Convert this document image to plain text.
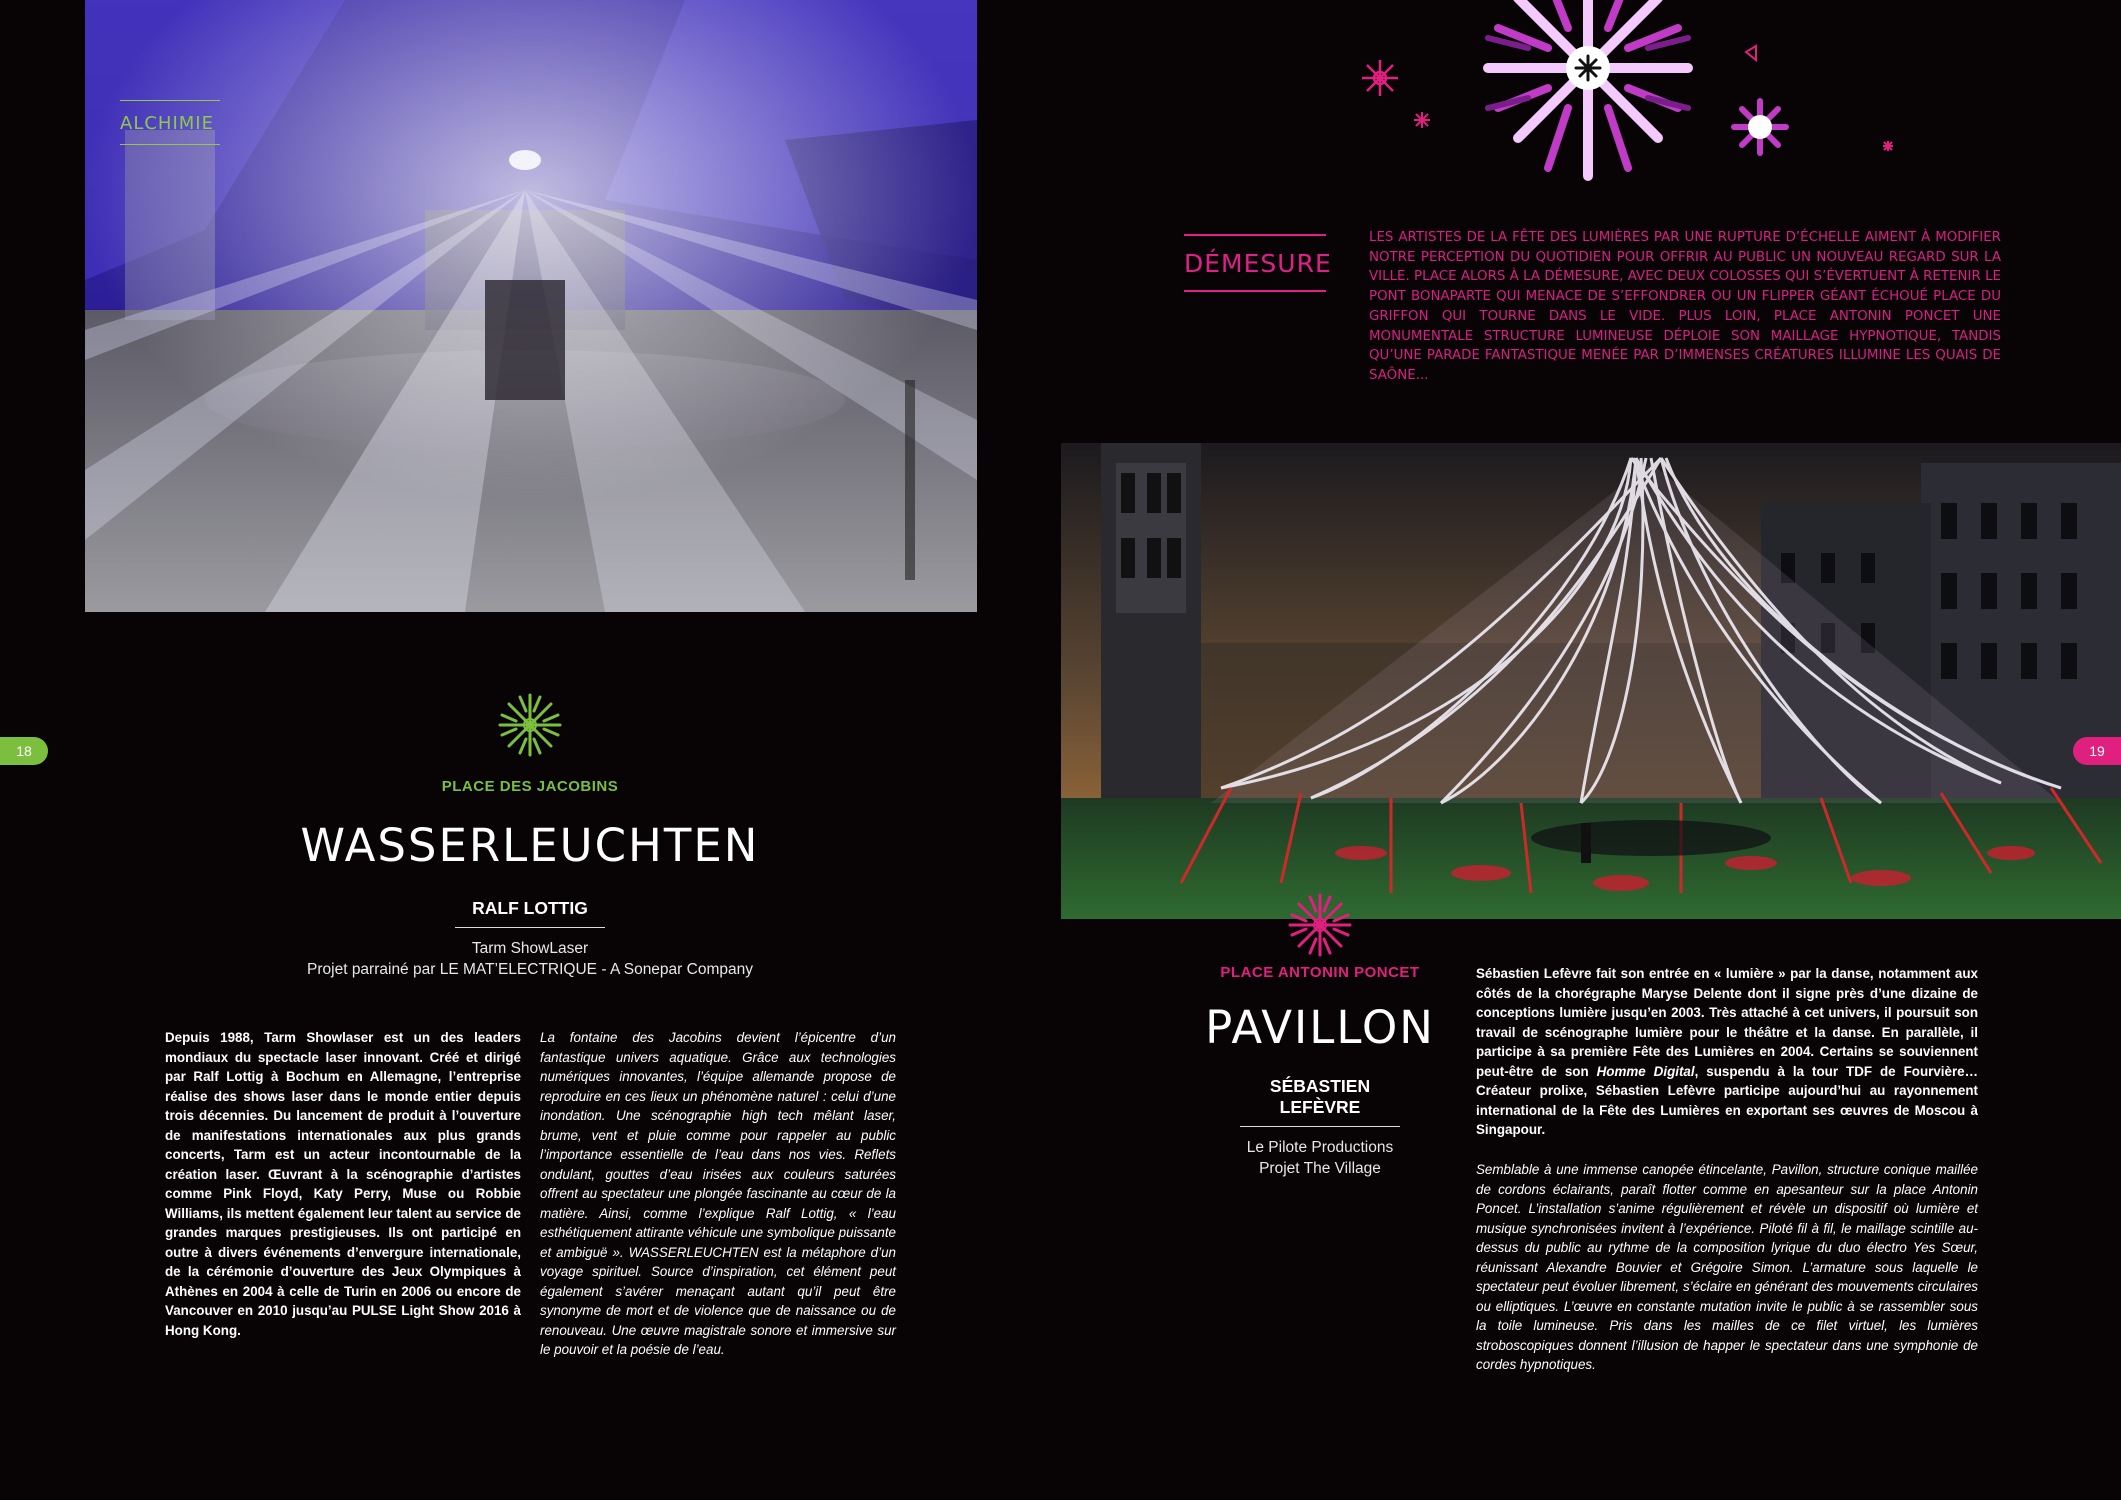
ALCHIMIE
DÉMESURE
LES ARTISTES DE LA FÊTE DES LUMIÈRES PAR UNE RUPTURE D’ÉCHELLE AIMENT À MODIFIER NOTRE PERCEPTION DU QUOTIDIEN POUR OFFRIR AU PUBLIC UN NOUVEAU REGARD SUR LA VILLE. PLACE ALORS À LA DÉMESURE, AVEC DEUX COLOSSES QUI S’ÉVERTUENT À RETENIR LE PONT BONAPARTE QUI MENACE DE S’EFFONDRER OU UN FLIPPER GÉANT ÉCHOUÉ PLACE DU GRIFFON QUI TOURNE DANS LE VIDE. PLUS LOIN, PLACE ANTONIN PONCET UNE MONUMENTALE STRUCTURE LUMINEUSE DÉPLOIE SON MAILLAGE HYPNOTIQUE, TANDIS QU’UNE PARADE FANTASTIQUE MENÉE PAR D’IMMENSES CRÉATURES ILLUMINE LES QUAIS DE SAÔNE...
18	19
PLACE DES JACOBINS
WASSERLEUCHTEN
RALF LOTTIG
Tarm ShowLaser
Projet parrainé par LE MAT’ELECTRIQUE - A Sonepar Company
Depuis 1988, Tarm Showlaser est un des leaders mondiaux du spectacle laser innovant. Créé et dirigé par Ralf Lottig à Bochum en Allemagne, l’entreprise réalise des shows laser dans le monde entier depuis trois décennies. Du lancement de produit à l’ouverture de manifestations internationales aux plus grands concerts, Tarm est un acteur incontournable de la création laser. Œuvrant à la scénographie d’artistes comme Pink Floyd, Katy Perry, Muse ou Robbie Williams, ils mettent également leur talent au service de grandes marques prestigieuses. Ils ont participé en outre à divers événements d’envergure internationale, de la cérémonie d’ouverture des Jeux Olympiques à Athènes en 2004 à celle de Turin en 2006 ou encore de Vancouver en 2010 jusqu’au PULSE Light Show 2016 à Hong Kong.
La fontaine des Jacobins devient l’épicentre d’un fantastique univers aquatique. Grâce aux technologies numériques innovantes, l’équipe allemande propose de reproduire en ces lieux un phénomène naturel : celui d’une inondation. Une scénographie high tech mêlant laser, brume, vent et pluie comme pour rappeler au public l’importance essentielle de l’eau dans nos vies. Reflets ondulant, gouttes d’eau irisées aux couleurs saturées offrent au spectateur une plongée fascinante au cœur de la matière. Ainsi, comme l’explique Ralf Lottig, « l’eau esthétiquement attirante véhicule une symbolique puissante et ambiguë ». WASSERLEUCHTEN est la métaphore d’un voyage spirituel. Source d’inspiration, cet élément peut également s’avérer menaçant autant qu’il peut être synonyme de mort et de violence que de naissance ou de renouveau. Une œuvre magistrale sonore et immersive sur le pouvoir et la poésie de l’eau.
PLACE ANTONIN PONCET
PAVILLON
SÉBASTIEN LEFÈVRE
Le Pilote Productions
Projet The Village
Sébastien Lefèvre fait son entrée en « lumière » par la danse, notamment aux côtés de la chorégraphe Maryse Delente dont il signe près d’une dizaine de conceptions lumière jusqu’en 2003. Très attaché à cet univers, il poursuit son travail de scénographe lumière pour le théâtre et la danse. En parallèle, il participe à sa première Fête des Lumières en 2004. Certains se souviennent peut-être de son Homme Digital, suspendu à la tour TDF de Fourvière… Créateur prolixe, Sébastien Lefèvre participe aujourd’hui au rayonnement international de la Fête des Lumières en exportant ses œuvres de Moscou à Singapour.
Semblable à une immense canopée étincelante, Pavillon, structure conique maillée de cordons éclairants, paraît flotter comme en apesanteur sur la place Antonin Poncet. L’installation s’anime régulièrement et révèle un dispositif où lumière et musique synchronisées invitent à l’expérience. Piloté fil à fil, le maillage scintille au-dessus du public au rythme de la composition lyrique du duo électro Yes Sœur, réunissant Alexandre Bouvier et Grégoire Simon. L’armature sous laquelle le spectateur peut évoluer librement, s’éclaire en générant des mouvements circulaires ou elliptiques. L’œuvre en constante mutation invite le public à se rassembler sous la toile lumineuse. Pris dans les mailles de ce filet virtuel, les lumières stroboscopiques donnent l’illusion de happer le spectateur dans une symphonie de cordes hypnotiques.
